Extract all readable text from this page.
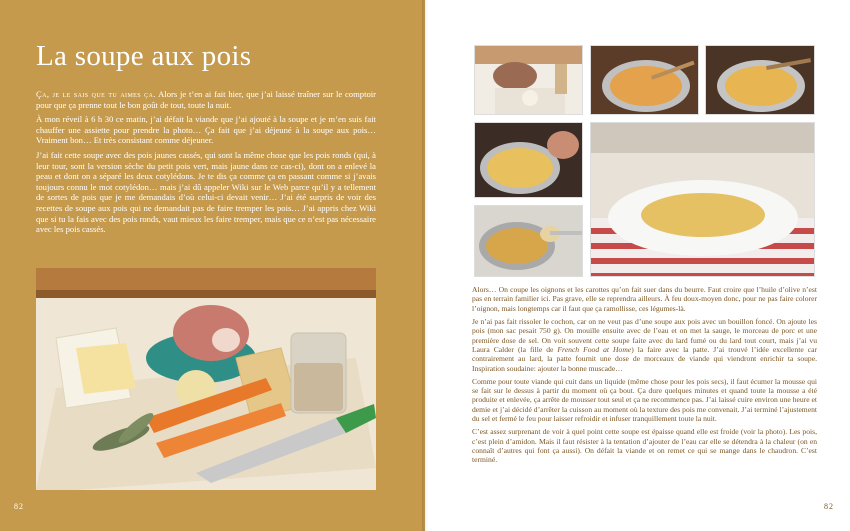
La soupe aux pois

Ça, je le sais que tu aimes ça. Alors je t’en ai fait hier, que j’ai laissé traîner sur le comptoir pour que ça prenne tout le bon goût de tout, toute la nuit.

À mon réveil à 6 h 30 ce matin, j’ai défait la viande que j’ai ajouté à la soupe et je m’en suis fait chauffer une assiette pour prendre la photo… Ça fait que j’ai déjeuné à la soupe aux pois… Vraiment bon… Et très consistant comme déjeuner.

J’ai fait cette soupe avec des pois jaunes cassés, qui sont la même chose que les pois ronds (qui, à leur tour, sont la version sèche du petit pois vert, mais jaune dans ce cas-ci), dont on a enlevé la peau et dont on a séparé les deux cotylédons. Je te dis ça comme ça en passant comme si j’avais toujours connu le mot cotylédon… mais j’ai dû appeler Wiki sur le Web parce qu’il y a tellement de sortes de pois que je me demandais d’où celui-ci devait venir… J’ai été surpris de voir des recettes de soupe aux pois qui ne demandait pas de faire tremper les pois… J’ai appris chez Wiki que si tu la fais avec des pois ronds, vaut mieux les faire tremper, mais que ce n’est pas nécessaire avec les pois cassés.

82

Alors… On coupe les oignons et les carottes qu’on fait suer dans du beurre. Faut croire que l’huile d’olive n’est pas en terrain familier ici. Pas grave, elle se reprendra ailleurs. À feu doux-moyen donc, pour ne pas faire colorer l’oignon, mais longtemps car il faut que ça ramollisse, ces légumes-là.

Je n’ai pas fait rissoler le cochon, car on ne veut pas d’une soupe aux pois avec un bouillon foncé. On ajoute les pois (mon sac pesait 750 g). On mouille ensuite avec de l’eau et on met la sauge, le morceau de porc et une première dose de sel. On voit souvent cette soupe faite avec du lard fumé ou du lard tout court, mais j’ai vu Laura Calder (la fille de French Food at Home) la faire avec la patte. J’ai trouvé l’idée excellente car contrairement au lard, la patte fournit une dose de morceaux de viande qui viendront enrichir ta soupe. Inspiration soudaine: ajouter la bonne muscade…

Comme pour toute viande qui cuit dans un liquide (même chose pour les pois secs), il faut écumer la mousse qui se fait sur le dessus à partir du moment où ça bout. Ça dure quelques minutes et quand toute la mousse a été produite et enlevée, ça arrête de mousser tout seul et ça ne recommence pas. J’ai laissé cuire environ une heure et demie et j’ai décidé d’arrêter la cuisson au moment où la texture des pois me convenait. J’ai terminé l’ajustement du sel et fermé le feu pour laisser refroidir et infuser tranquillement toute la nuit.

C’est assez surprenant de voir à quel point cette soupe est épaisse quand elle est froide (voir la photo). Les pois, c’est plein d’amidon. Mais il faut résister à la tentation d’ajouter de l’eau car elle se détendra à la chaleur (on en connaît d’autres qui font ça aussi). On défait la viande et on remet ce qui se mange dans le chaudron. C’est terminé.

82
